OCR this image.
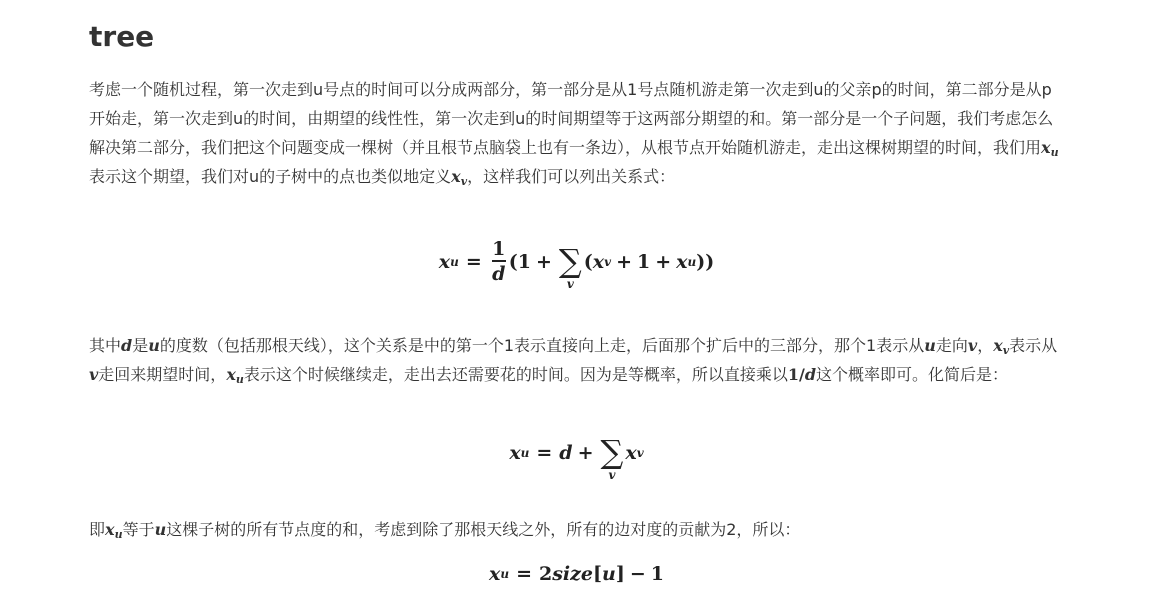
tree

考虑一个随机过程，第一次走到u号点的时间可以分成两部分，第一部分是从1号点随机游走第一次走到u的父亲p的时间，第二部分是从p开始走，第一次走到u的时间，由期望的线性性，第一次走到u的时间期望等于这两部分期望的和。第一部分是一个子问题，我们考虑怎么解决第二部分，我们把这个问题变成一棵树（并且根节点脑袋上也有一条边），从根节点开始随机游走，走出这棵树期望的时间，我们用$x_u$表示这个期望，我们对u的子树中的点也类似地定义$x_v$，这样我们可以列出关系式：

x $u = \frac{1}{d}$ ( 1 + ∑
v
( x v + 1 + x u ))

其中d是u的度数（包括那根天线），这个关系是中的第一个1表示直接向上走，后面那个扩后中的三部分，那个1表示从u走向v，$x_v$表示从v走回来期望时间，$x_u$表示这个时候继续走，走出去还需要花的时间。因为是等概率，所以直接乘以1/d这个概率即可。化简后是：

x u = d + ∑
v
x v

即$x_u$等于u这棵子树的所有节点度的和，考虑到除了那根天线之外，所有的边对度的贡献为2，所以：

x u = 2 size [ u ] − 1
